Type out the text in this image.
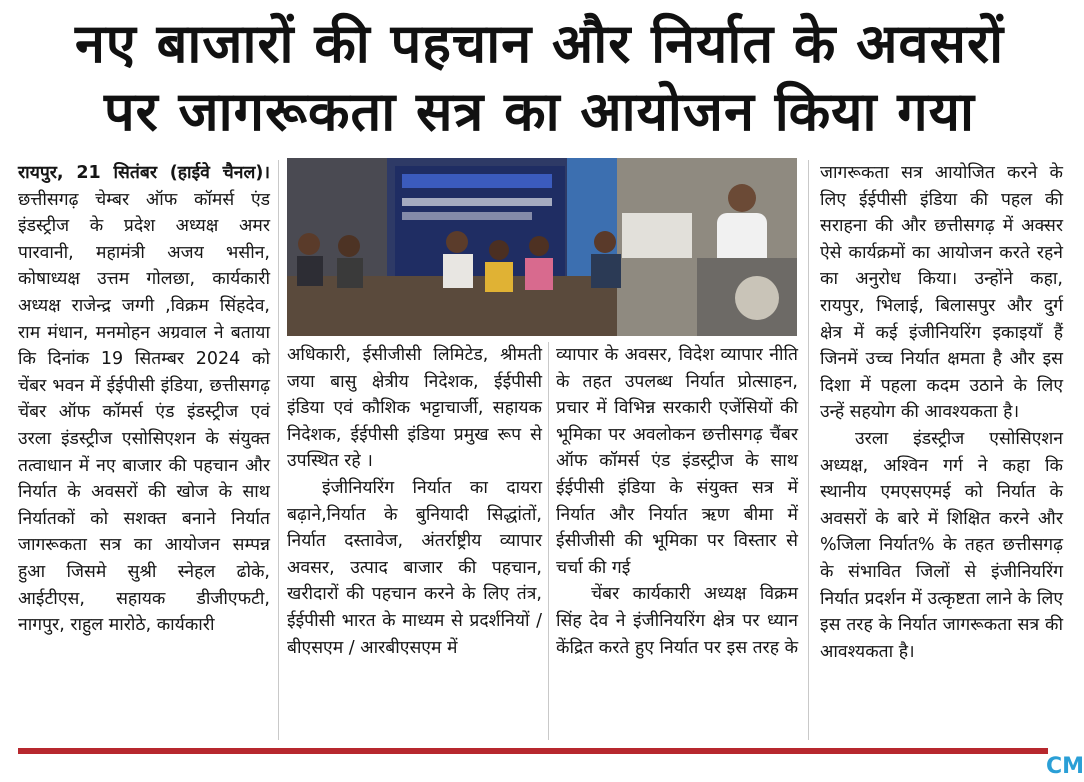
नए बाजारों की पहचान और निर्यात के अवसरों
पर जागरूकता सत्र का आयोजन किया गया

रायपुर, 21 सितंबर (हाईवे चैनल)। छत्तीसगढ़ चेम्बर ऑफ कॉमर्स एंड इंडस्ट्रीज के प्रदेश अध्यक्ष अमर पारवानी, महामंत्री अजय भसीन, कोषाध्यक्ष उत्तम गोलछा, कार्यकारी अध्यक्ष राजेन्द्र जग्गी ,विक्रम सिंहदेव, राम मंधान, मनमोहन अग्रवाल ने बताया कि दिनांक 19 सितम्बर 2024 को चेंबर भवन में ईईपीसी इंडिया, छत्तीसगढ़ चेंबर ऑफ कॉमर्स एंड इंडस्ट्रीज एवं उरला इंडस्ट्रीज एसोसिएशन के संयुक्त तत्वाधान में नए बाजार की पहचान और निर्यात के अवसरों की खोज के साथ निर्यातकों को सशक्त बनाने निर्यात जागरूकता सत्र का आयोजन सम्पन्न हुआ जिसमे सुश्री स्नेहल ढोके, आईटीएस, सहायक डीजीएफटी, नागपुर, राहुल मारोठे, कार्यकारी

अधिकारी, ईसीजीसी लिमिटेड, श्रीमती जया बासु क्षेत्रीय निदेशक, ईईपीसी इंडिया एवं कौशिक भट्टाचार्जी, सहायक निदेशक, ईईपीसी इंडिया प्रमुख रूप से उपस्थित रहे ।

इंजीनियरिंग निर्यात का दायरा बढ़ाने,निर्यात के बुनियादी सिद्धांतों, निर्यात दस्तावेज, अंतर्राष्ट्रीय व्यापार अवसर, उत्पाद बाजार की पहचान, खरीदारों की पहचान करने के लिए तंत्र, ईईपीसी भारत के माध्यम से प्रदर्शनियों / बीएसएम / आरबीएसएम में

व्यापार के अवसर, विदेश व्यापार नीति के तहत उपलब्ध निर्यात प्रोत्साहन, प्रचार में विभिन्न सरकारी एजेंसियों की भूमिका पर अवलोकन छत्तीसगढ़ चैंबर ऑफ कॉमर्स एंड इंडस्ट्रीज के साथ ईईपीसी इंडिया के संयुक्त सत्र में निर्यात और निर्यात ऋण बीमा में ईसीजीसी की भूमिका पर विस्तार से चर्चा की गई

चेंबर कार्यकारी अध्यक्ष विक्रम सिंह देव ने इंजीनियरिंग क्षेत्र पर ध्यान केंद्रित करते हुए निर्यात पर इस तरह के

जागरूकता सत्र आयोजित करने के लिए ईईपीसी इंडिया की पहल की सराहना की और छत्तीसगढ़ में अक्सर ऐसे कार्यक्रमों का आयोजन करते रहने का अनुरोध किया। उन्होंने कहा, रायपुर, भिलाई, बिलासपुर और दुर्ग क्षेत्र में कई इंजीनियरिंग इकाइयाँ हैं जिनमें उच्च निर्यात क्षमता है और इस दिशा में पहला कदम उठाने के लिए उन्हें सहयोग की आवश्यकता है।

उरला इंडस्ट्रीज एसोसिएशन अध्यक्ष, अश्विन गर्ग ने कहा कि स्थानीय एमएसएमई को निर्यात के अवसरों के बारे में शिक्षित करने और %जिला निर्यात% के तहत छत्तीसगढ़ के संभावित जिलों से इंजीनियरिंग निर्यात प्रदर्शन में उत्कृष्टता लाने के लिए इस तरह के निर्यात जागरूकता सत्र की आवश्यकता है।

CM
